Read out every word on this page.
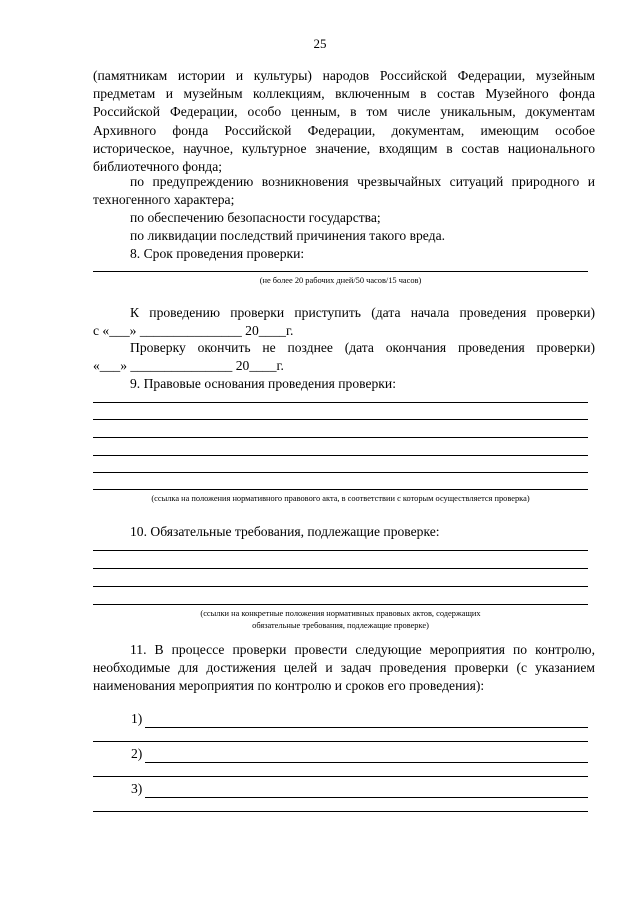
25
(памятникам истории и культуры) народов Российской Федерации, музейным предметам и музейным коллекциям, включенным в состав Музейного фонда Российской Федерации, особо ценным, в том числе уникальным, документам Архивного фонда Российской Федерации, документам, имеющим особое историческое, научное, культурное значение, входящим в состав национального библиотечного фонда;
по предупреждению возникновения чрезвычайных ситуаций природного и техногенного характера;
по обеспечению безопасности государства;
по ликвидации последствий причинения такого вреда.
8. Срок проведения проверки:
(не более 20 рабочих дней/50 часов/15 часов)
К проведению проверки приступить (дата начала проведения проверки)
с «___» _______________ 20____г.
Проверку окончить не позднее (дата окончания проведения проверки)
«___» _______________ 20____г.
9. Правовые основания проведения проверки:
(ссылка на положения нормативного правового акта, в соответствии с которым осуществляется проверка)
10. Обязательные требования, подлежащие проверке:
(ссылки на конкретные положения нормативных правовых актов, содержащих
обязательные требования, подлежащие проверке)
11. В процессе проверки провести следующие мероприятия по контролю, необходимые для достижения целей и задач проведения проверки (с указанием наименования мероприятия по контролю и сроков его проведения):
1)
2)
3)
